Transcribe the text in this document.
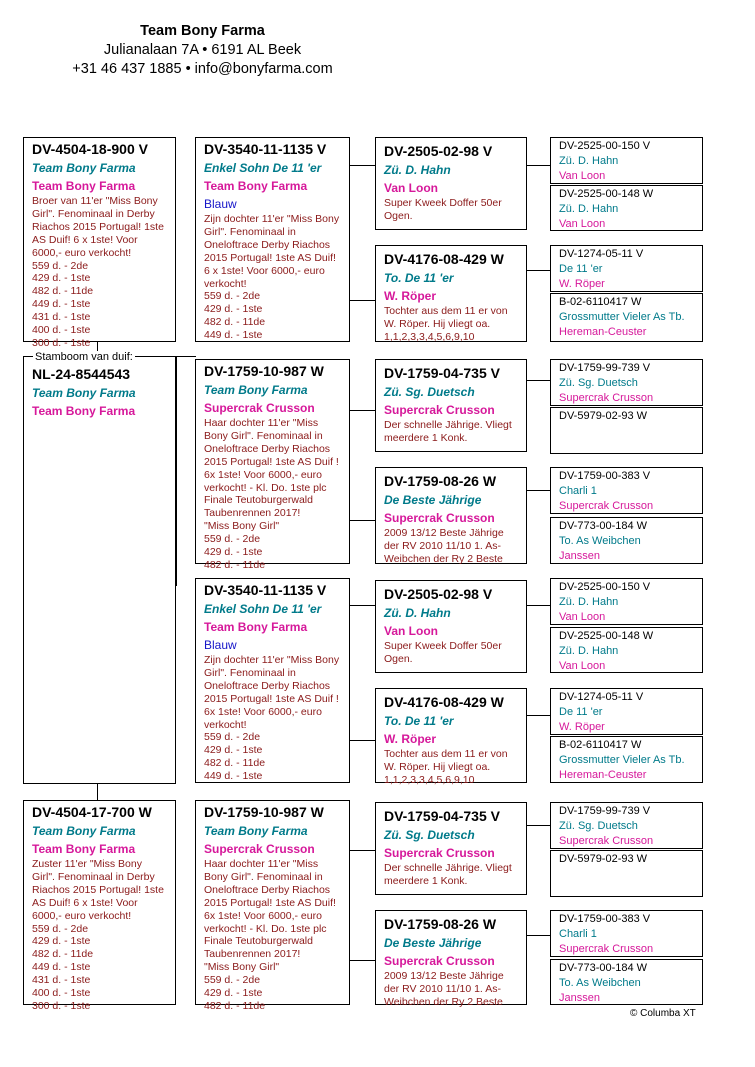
Team Bony Farma
Julianalaan 7A • 6191 AL Beek
+31 46 437 1885 • info@bonyfarma.com
NL-24-8544543
Team Bony Farma
Team Bony Farma
Stamboom van duif:
DV-4504-18-900 V
Team Bony Farma
Team Bony Farma
Broer van 11'er "Miss Bony Girl". Fenominaal in Derby Riachos 2015 Portugal! 1ste AS Duif! 6 x 1ste! Voor 6000,- euro verkocht!
559 d. - 2de
429 d. - 1ste
482 d. - 11de
449 d. - 1ste
431 d. - 1ste
400 d. - 1ste
300 d. - 1ste
DV-4504-17-700 W
Team Bony Farma
Team Bony Farma
Zuster 11'er "Miss Bony Girl". Fenominaal in Derby Riachos 2015 Portugal! 1ste AS Duif! 6 x 1ste! Voor 6000,- euro verkocht!
559 d. - 2de
429 d. - 1ste
482 d. - 11de
449 d. - 1ste
431 d. - 1ste
400 d. - 1ste
300 d. - 1ste
DV-3540-11-1135 V
Enkel Sohn De 11 'er
Team Bony Farma
Blauw
Zijn dochter 11'er "Miss Bony Girl". Fenominaal in Oneloftrace Derby Riachos 2015 Portugal! 1ste AS Duif! 6 x 1ste! Voor 6000,- euro verkocht!
559 d. - 2de
429 d. - 1ste
482 d. - 11de
449 d. - 1ste
DV-1759-10-987 W
Team Bony Farma
Supercrak Crusson
Haar dochter 11'er "Miss Bony Girl". Fenominaal in Oneloftrace Derby Riachos 2015 Portugal! 1ste AS Duif ! 6x 1ste! Voor 6000,- euro verkocht! - Kl. Do. 1ste plc Finale Teutoburgerwald Taubenrennen 2017!
"Miss Bony Girl"
559 d. - 2de
429 d. - 1ste
482 d. - 11de
DV-3540-11-1135 V
Enkel Sohn De 11 'er
Team Bony Farma
Blauw
Zijn dochter 11'er "Miss Bony Girl". Fenominaal in Oneloftrace Derby Riachos 2015 Portugal! 1ste AS Duif ! 6x 1ste! Voor 6000,- euro verkocht!
559 d. - 2de
429 d. - 1ste
482 d. - 11de
449 d. - 1ste
DV-1759-10-987 W
Team Bony Farma
Supercrak Crusson
Haar dochter 11'er "Miss Bony Girl". Fenominaal in Oneloftrace Derby Riachos 2015 Portugal! 1ste AS Duif! 6x 1ste! Voor 6000,- euro verkocht! - Kl. Do. 1ste plc Finale Teutoburgerwald Taubenrennen 2017!
"Miss Bony Girl"
559 d. - 2de
429 d. - 1ste
482 d. - 11de
DV-2505-02-98 V
Zü. D. Hahn
Van Loon
Super Kweek Doffer 50er Ogen.
DV-4176-08-429 W
To. De 11 'er
W. Röper
Tochter aus dem 11 er von W. Röper. Hij vliegt oa. 1,1,2,3,3,4,5,6,9,10
DV-1759-04-735 V
Zü. Sg. Duetsch
Supercrak Crusson
Der schnelle Jährige. Vliegt meerdere 1 Konk.
DV-1759-08-26 W
De Beste Jährige
Supercrak Crusson
2009 13/12 Beste Jährige der RV 2010 11/10 1. As-Weibchen der Ry 2 Beste
DV-2505-02-98 V
Zü. D. Hahn
Van Loon
Super Kweek Doffer 50er Ogen.
DV-4176-08-429 W
To. De 11 'er
W. Röper
Tochter aus dem 11 er von W. Röper. Hij vliegt oa. 1,1,2,3,3,4,5,6,9,10
DV-1759-04-735 V
Zü. Sg. Duetsch
Supercrak Crusson
Der schnelle Jährige. Vliegt meerdere 1 Konk.
DV-1759-08-26 W
De Beste Jährige
Supercrak Crusson
2009 13/12 Beste Jährige der RV 2010 11/10 1. As-Weibchen der Ry 2 Beste
DV-2525-00-150 V
Zü. D. Hahn
Van Loon
DV-2525-00-148 W
Zü. D. Hahn
Van Loon
DV-1274-05-11 V
De 11 'er
W. Röper
B-02-6110417 W
Grossmutter Vieler As Tb.
Hereman-Ceuster
DV-1759-99-739 V
Zü. Sg. Duetsch
Supercrak Crusson
DV-5979-02-93 W
DV-1759-00-383 V
Charli 1
Supercrak Crusson
DV-773-00-184 W
To. As Weibchen
Janssen
DV-2525-00-150 V
Zü. D. Hahn
Van Loon
DV-2525-00-148 W
Zü. D. Hahn
Van Loon
DV-1274-05-11 V
De 11 'er
W. Röper
B-02-6110417 W
Grossmutter Vieler As Tb.
Hereman-Ceuster
DV-1759-99-739 V
Zü. Sg. Duetsch
Supercrak Crusson
DV-5979-02-93 W
DV-1759-00-383 V
Charli 1
Supercrak Crusson
DV-773-00-184 W
To. As Weibchen
Janssen
© Columba XT
